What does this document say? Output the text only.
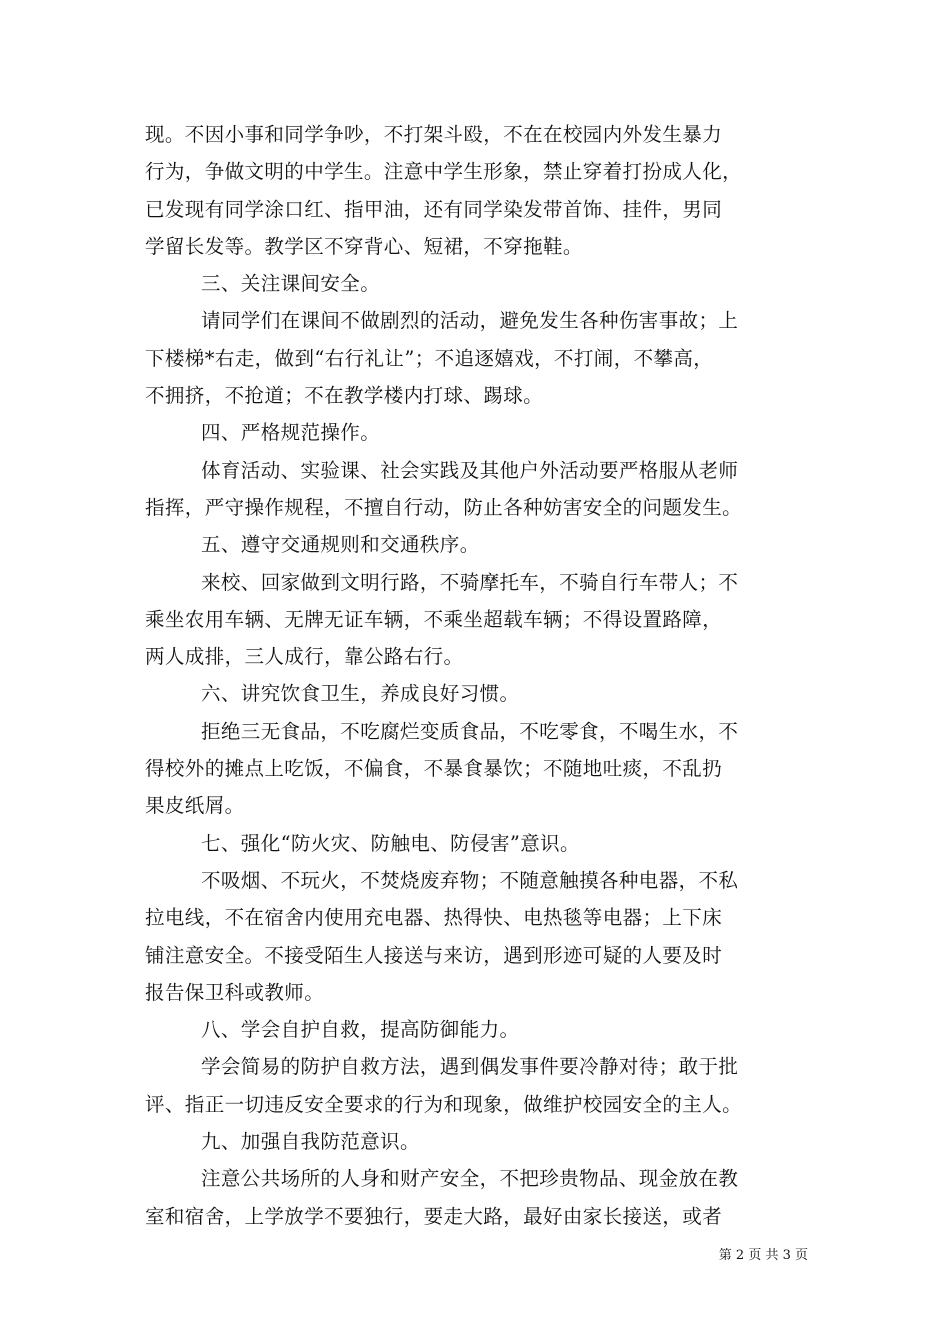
现。不因小事和同学争吵，不打架斗殴，不在在校园内外发生暴力
行为，争做文明的中学生。注意中学生形象，禁止穿着打扮成人化，
已发现有同学涂口红、指甲油，还有同学染发带首饰、挂件，男同
学留长发等。教学区不穿背心、短裙，不穿拖鞋。
三、关注课间安全。
请同学们在课间不做剧烈的活动，避免发生各种伤害事故；上
下楼梯*右走，做到“右行礼让”；不追逐嬉戏，不打闹，不攀高，
不拥挤，不抢道；不在教学楼内打球、踢球。
四、严格规范操作。
体育活动、实验课、社会实践及其他户外活动要严格服从老师
指挥，严守操作规程，不擅自行动，防止各种妨害安全的问题发生。
五、遵守交通规则和交通秩序。
来校、回家做到文明行路，不骑摩托车，不骑自行车带人；不
乘坐农用车辆、无牌无证车辆，不乘坐超载车辆；不得设置路障，
两人成排，三人成行，靠公路右行。
六、讲究饮食卫生，养成良好习惯。
拒绝三无食品，不吃腐烂变质食品，不吃零食，不喝生水，不
得校外的摊点上吃饭，不偏食，不暴食暴饮；不随地吐痰，不乱扔
果皮纸屑。
七、强化“防火灾、防触电、防侵害”意识。
不吸烟、不玩火，不焚烧废弃物；不随意触摸各种电器，不私
拉电线，不在宿舍内使用充电器、热得快、电热毯等电器；上下床
铺注意安全。不接受陌生人接送与来访，遇到形迹可疑的人要及时
报告保卫科或教师。
八、学会自护自救，提高防御能力。
学会简易的防护自救方法，遇到偶发事件要冷静对待；敢于批
评、指正一切违反安全要求的行为和现象，做维护校园安全的主人。
九、加强自我防范意识。
注意公共场所的人身和财产安全，不把珍贵物品、现金放在教
室和宿舍，上学放学不要独行，要走大路，最好由家长接送，或者
第 2 页 共 3 页
